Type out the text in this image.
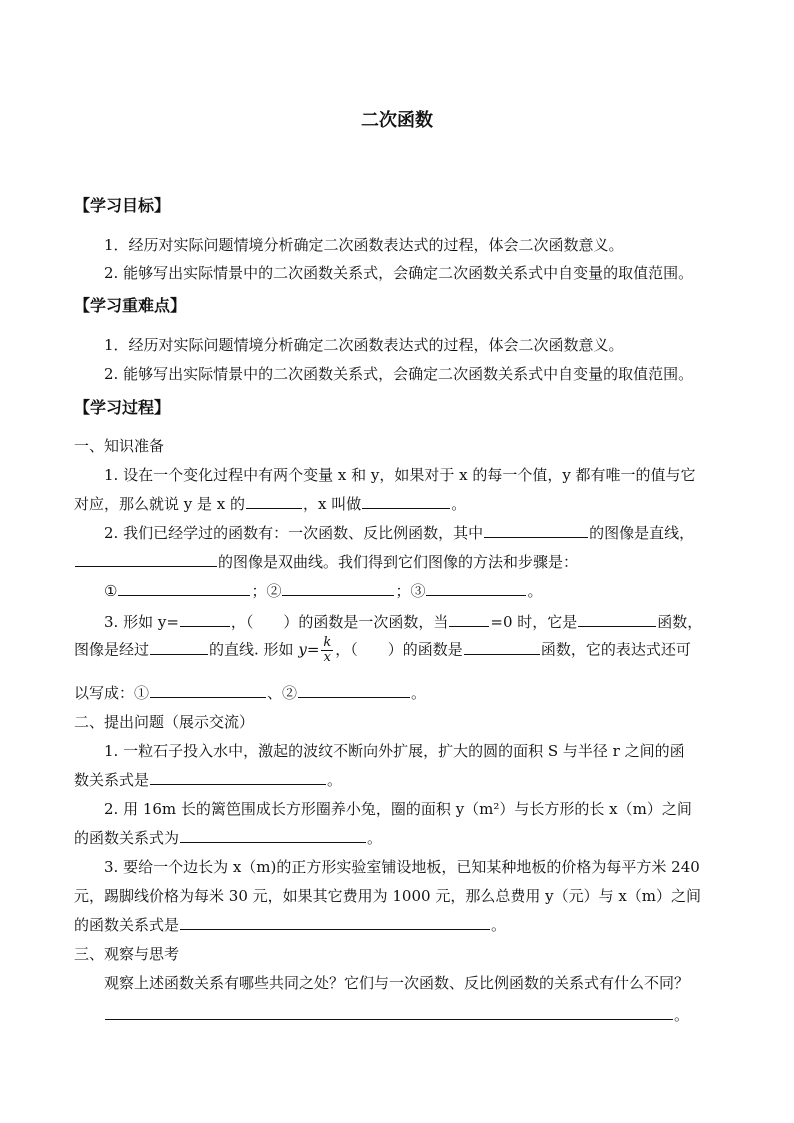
二次函数
【学习目标】
1．经历对实际问题情境分析确定二次函数表达式的过程，体会二次函数意义。
2. 能够写出实际情景中的二次函数关系式，会确定二次函数关系式中自变量的取值范围。
【学习重难点】
1．经历对实际问题情境分析确定二次函数表达式的过程，体会二次函数意义。
2. 能够写出实际情景中的二次函数关系式，会确定二次函数关系式中自变量的取值范围。
【学习过程】
一、知识准备
1. 设在一个变化过程中有两个变量 x 和 y，如果对于 x 的每一个值，y 都有唯一的值与它
对应，那么就说 y 是 x 的	，x 叫做	。
2. 我们已经学过的函数有：一次函数、反比例函数，其中	的图像是直线，
的图像是双曲线。我们得到它们图像的方法和步骤是：
①	；②	；③	。
3. 形如 y=	，（　　）的函数是一次函数，当	=0 时，它是	函数，
图像是经过	的直线. 形如 $y= \frac{k}{x}$ ，（　　）的函数是	函数，它的表达式还可
以写成：①	、②	。
二、提出问题（展示交流）
1. 一粒石子投入水中，激起的波纹不断向外扩展，扩大的圆的面积 S 与半径 r 之间的函
数关系式是	。
2. 用 16m 长的篱笆围成长方形圈养小兔，圈的面积 y（m²）与长方形的长 x（m）之间
的函数关系式为	。
3. 要给一个边长为 x（m)的正方形实验室铺设地板，已知某种地板的价格为每平方米 240
元，踢脚线价格为每米 30 元，如果其它费用为 1000 元，那么总费用 y（元）与 x（m）之间
的函数关系式是	。
三、观察与思考
观察上述函数关系有哪些共同之处？它们与一次函数、反比例函数的关系式有什么不同？
。
